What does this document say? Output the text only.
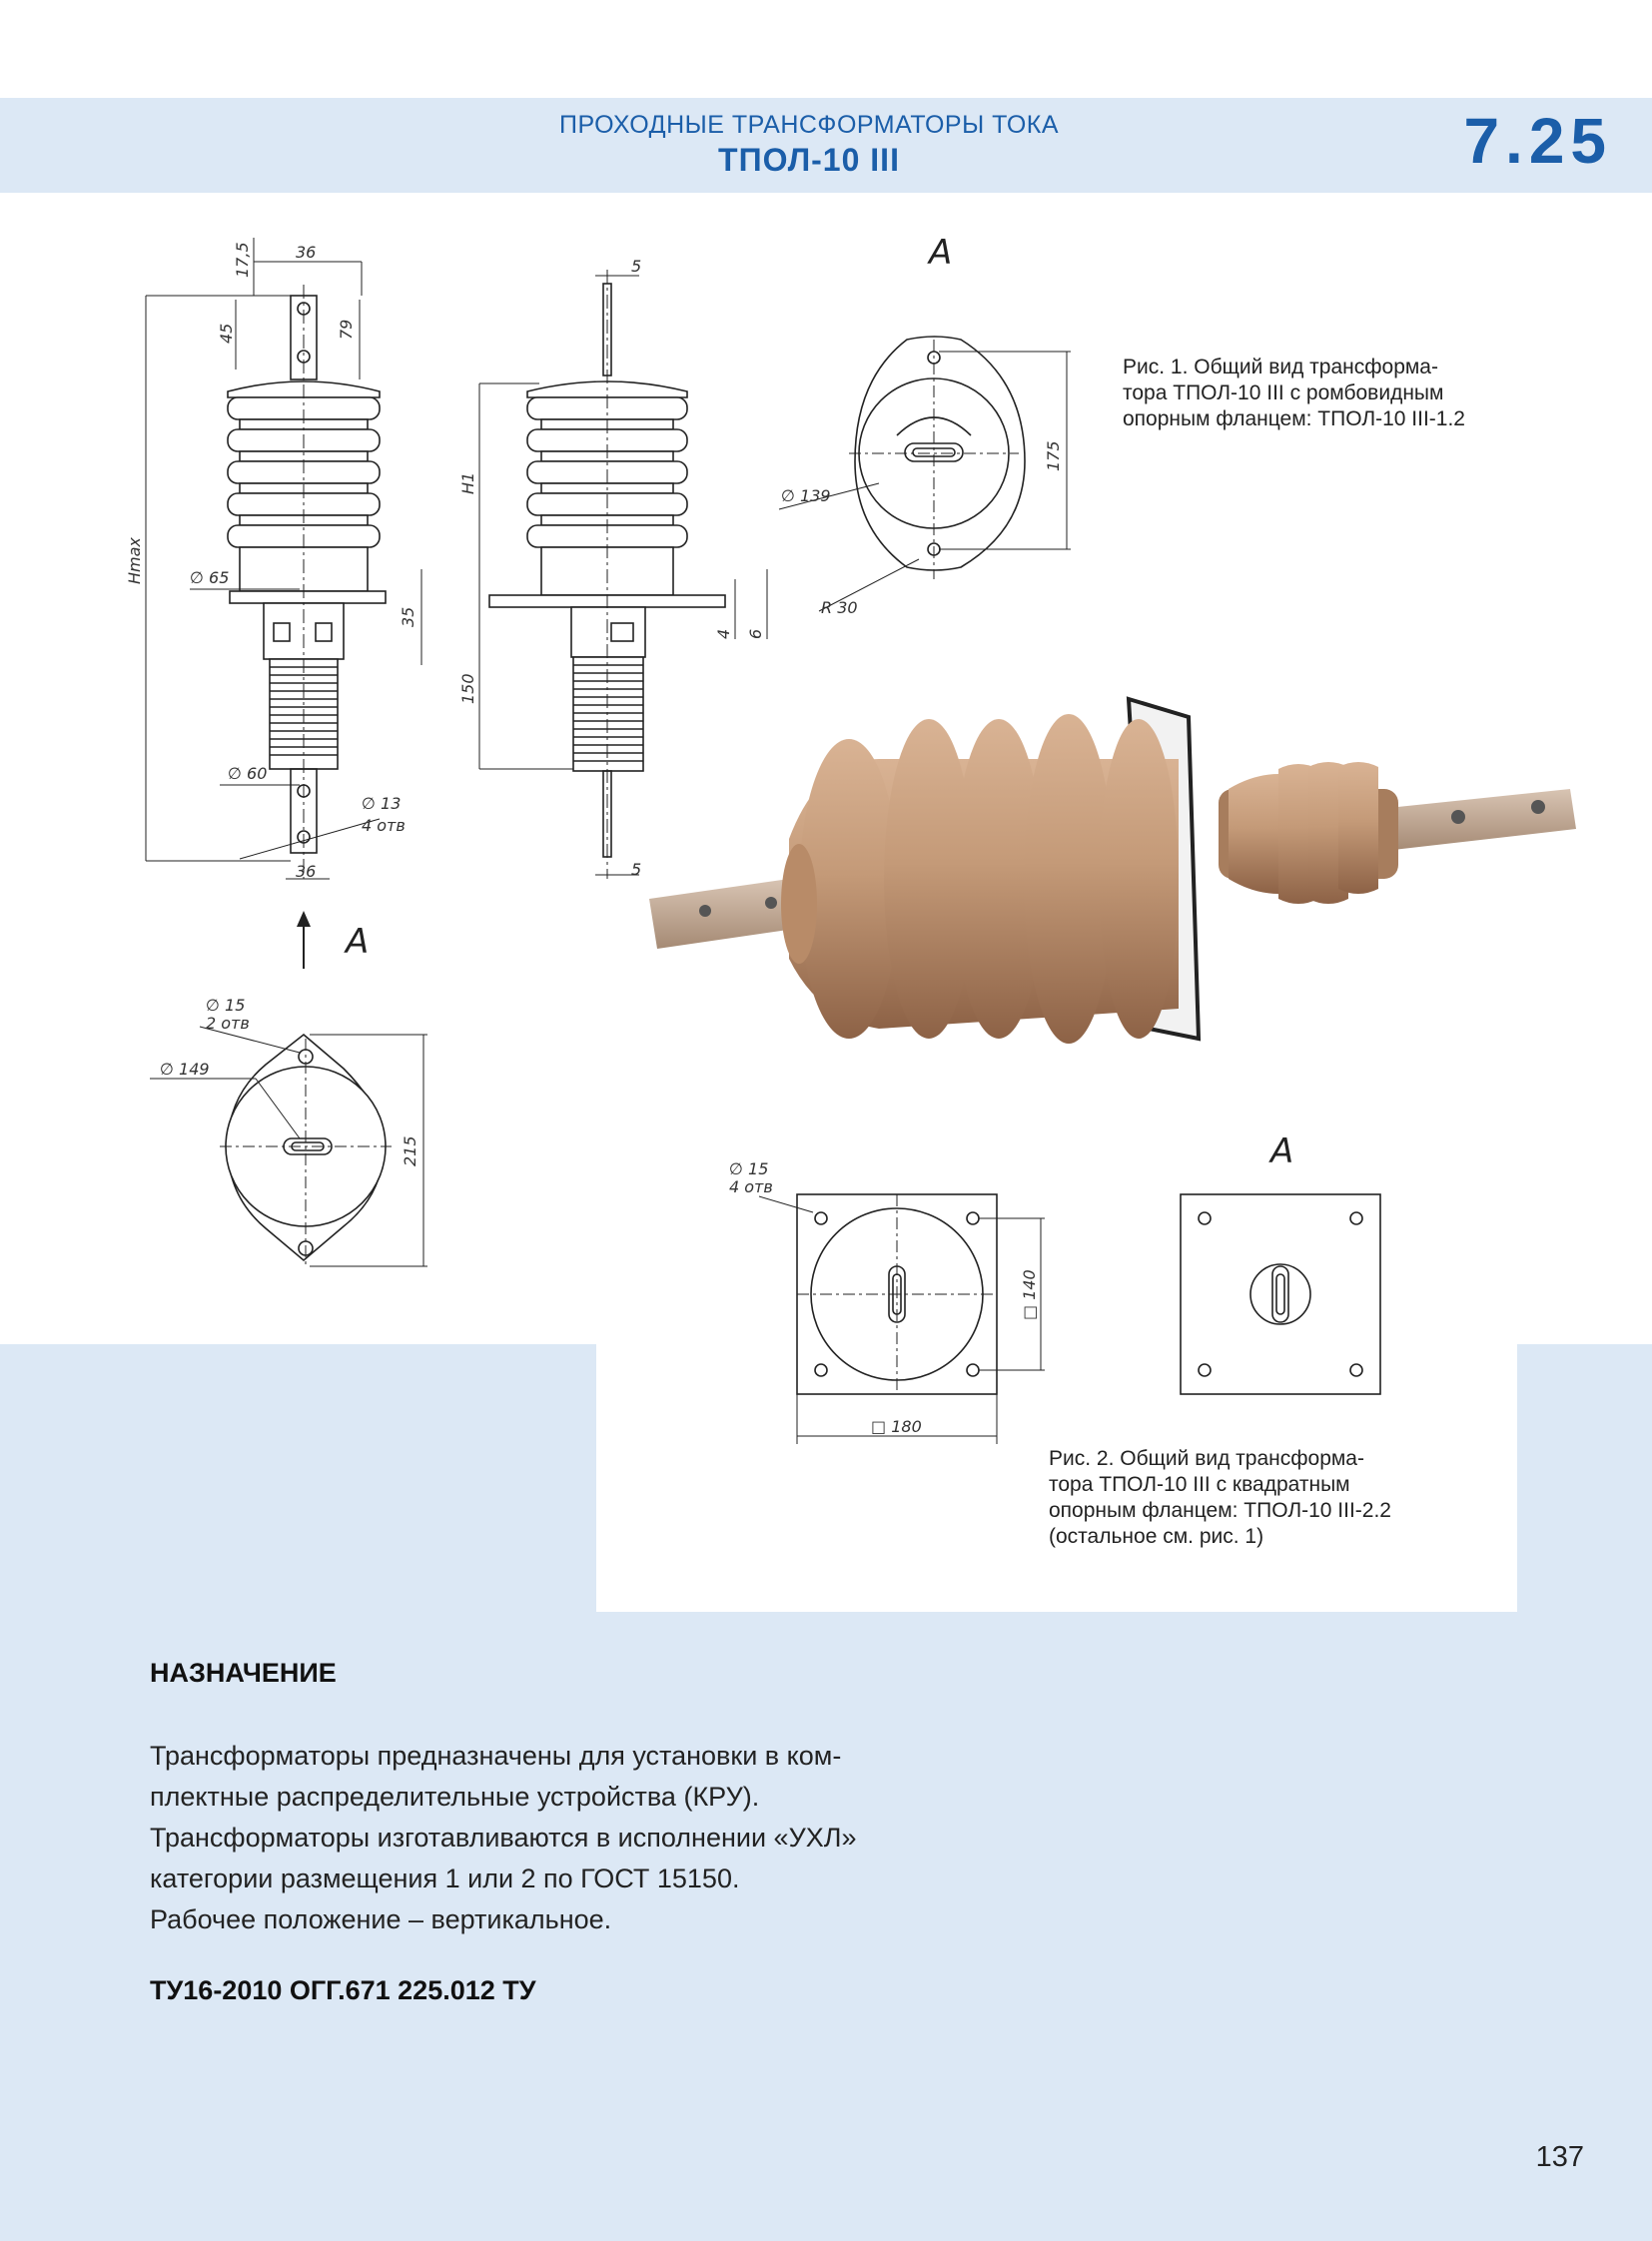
ПРОХОДНЫЕ ТРАНСФОРМАТОРЫ ТОКА
ТПОЛ-10 III	7.25
36
17,5
45	79
Hmax	∅ 65
35
∅ 60
∅ 13
4 отв
36
А
5
H1
4 6
150
5
А
∅ 139
175
R 30
∅ 15
2 отв
∅ 149
215
∅ 15
4 отв
□ 140
□ 180
А
Рис. 1. Общий вид трансформа-
тора ТПОЛ-10 III с ромбовидным
опорным фланцем: ТПОЛ-10 III-1.2
Рис. 2. Общий вид трансформа-
тора ТПОЛ-10 III с квадратным
опорным фланцем: ТПОЛ-10 III-2.2
(остальное см. рис. 1)
НАЗНАЧЕНИЕ
Трансформаторы предназначены для установки в ком-
плектные распределительные устройства (КРУ).
Трансформаторы изготавливаются в исполнении «УХЛ»
категории размещения 1 или 2 по ГОСТ 15150.
Рабочее положение – вертикальное.
ТУ16-2010 ОГГ.671 225.012 ТУ
137
